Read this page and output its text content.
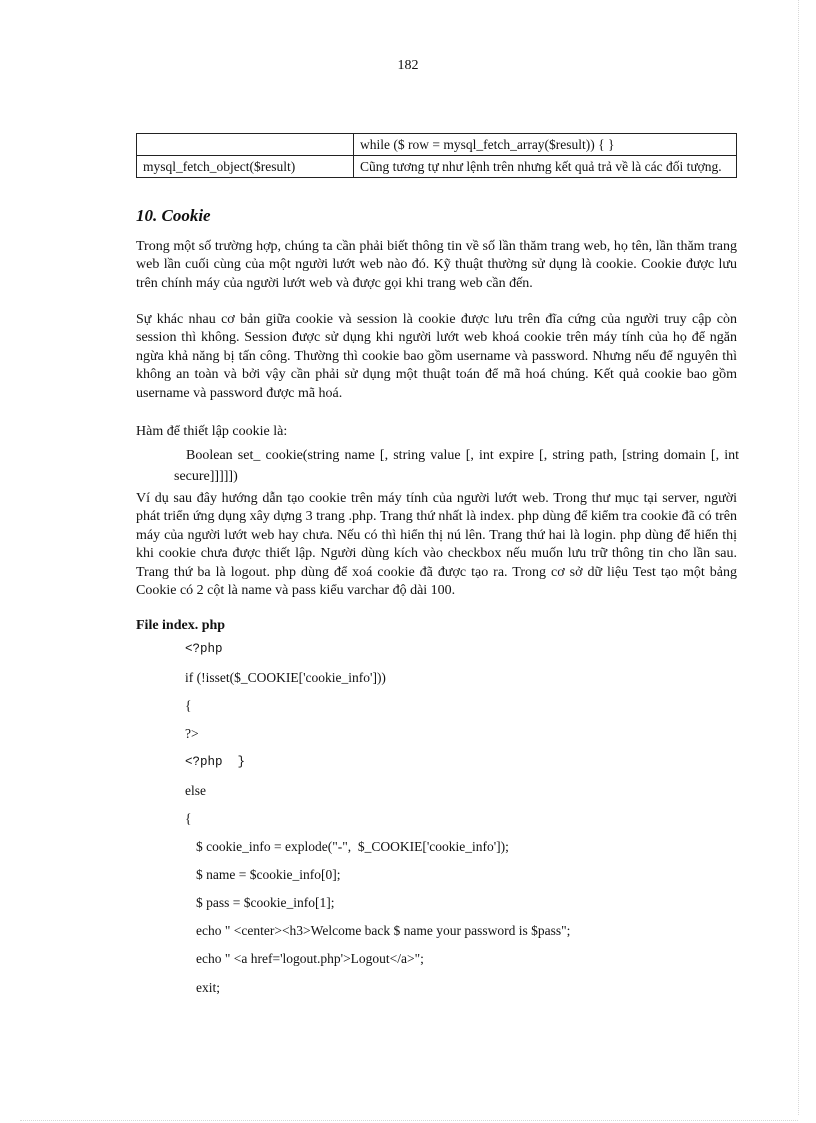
182
	while ($ row = mysql_fetch_array($result)) { }
mysql_fetch_object($result)	Cũng tương tự như lệnh trên nhưng kết quả trả về là các đối tượng.
10. Cookie

Trong một số trường hợp, chúng ta cần phải biết thông tin về số lần thăm trang web, họ tên, lần thăm trang web lần cuối cùng của một người lướt web nào đó. Kỹ thuật thường sử dụng là cookie. Cookie được lưu trên chính máy của người lướt web và được gọi khi trang web cần đến.

Sự khác nhau cơ bản giữa cookie và session là cookie được lưu trên đĩa cứng của người truy cập còn session thì không. Session được sử dụng khi người lướt web khoá cookie trên máy tính của họ để ngăn ngừa khả năng bị tấn công. Thường thì cookie bao gồm username và password. Nhưng nếu để nguyên thì không an toàn và bởi vậy cần phải sử dụng một thuật toán để mã hoá chúng. Kết quả cookie bao gồm username và password được mã hoá.

Hàm để thiết lập cookie là:

Boolean set_ cookie(string name [, string value [, int expire [, string path, [string domain [, int secure]]]]])

Ví dụ sau đây hướng dẫn tạo cookie trên máy tính của người lướt web. Trong thư mục tại server, người phát triển ứng dụng xây dựng 3 trang .php. Trang thứ nhất là index. php dùng để kiểm tra cookie đã có trên máy của người lướt web hay chưa. Nếu có thì hiển thị nú lên. Trang thứ hai là login. php dùng để hiển thị khi cookie chưa được thiết lập. Người dùng kích vào checkbox nếu muốn lưu trữ thông tin cho lần sau. Trang thứ ba là logout. php dùng để xoá cookie đã được tạo ra. Trong cơ sở dữ liệu Test tạo một bảng Cookie có 2 cột là name và pass kiểu varchar độ dài 100.

File index. php

<?php
if (!isset($_COOKIE['cookie_info']))
{
?>
<?php  }
else
{
$ cookie_info = explode("-",  $_COOKIE['cookie_info']);
$ name = $cookie_info[0];
$ pass = $cookie_info[1];
echo " <center><h3>Welcome back $ name your password is $pass";
echo " <a href='logout.php'>Logout</a>";
exit;
